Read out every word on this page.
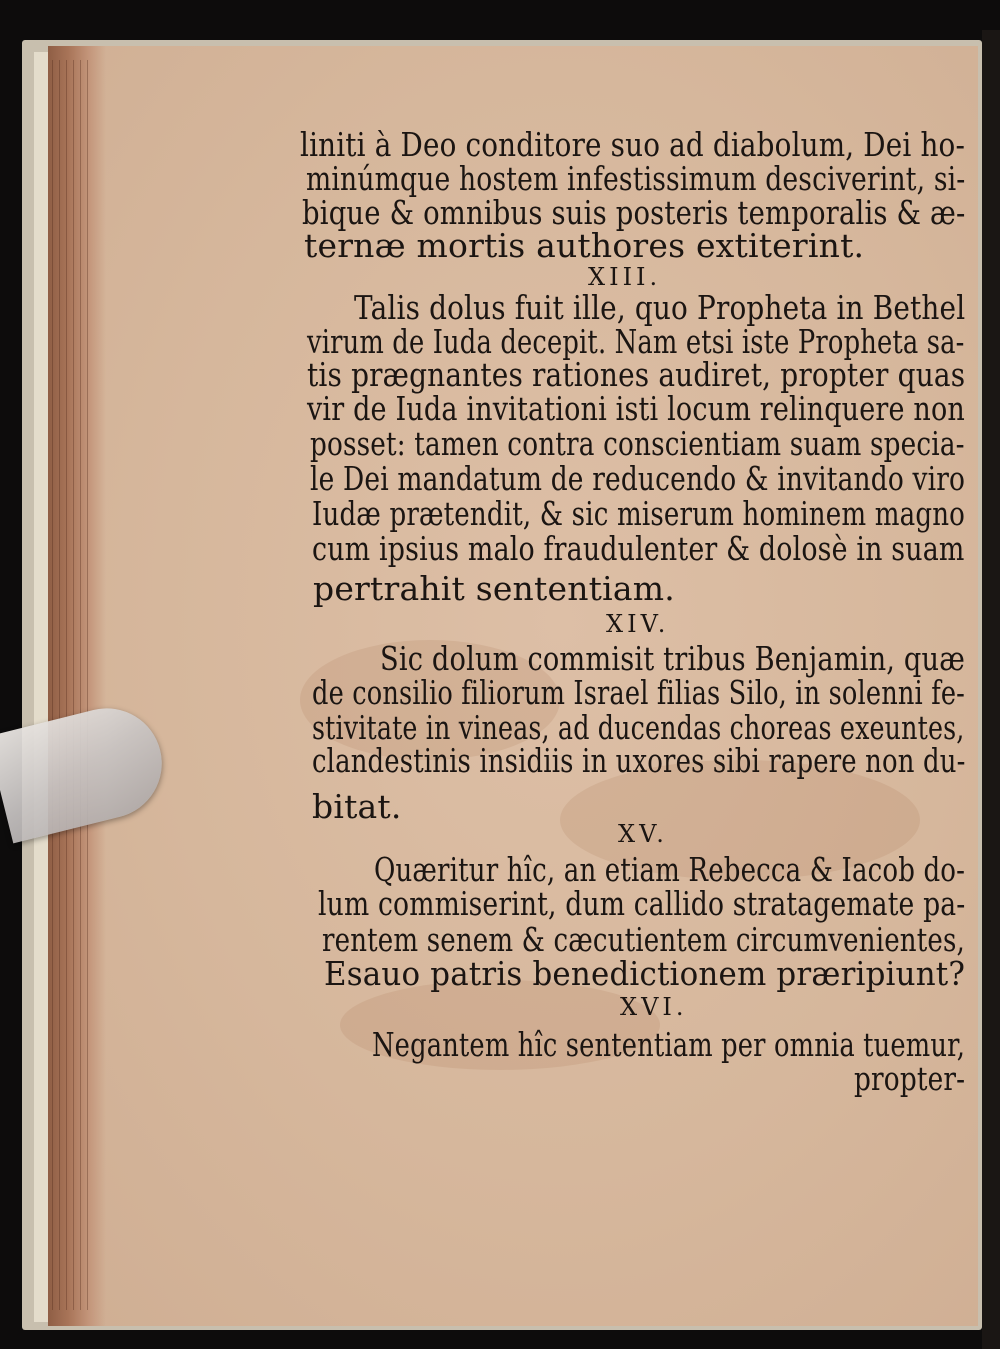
liniti à Deo conditore suo ad diabolum, Dei ho-
minúmque hostem infestissimum desciverint, si-
bique & omnibus suis posteris temporalis & æ-
ternæ mortis authores extiterint.
XIII.
Talis dolus fuit ille, quo Propheta in Bethel
virum de Iuda decepit. Nam etsi iste Propheta sa-
tis prægnantes rationes audiret, propter quas
vir de Iuda invitationi isti locum relinquere non
posset: tamen contra conscientiam suam specia-
le Dei mandatum de reducendo & invitando viro
Iudæ prætendit, & sic miserum hominem magno
cum ipsius malo fraudulenter & dolosè in suam
pertrahit sententiam.
XIV.
Sic dolum commisit tribus Benjamin, quæ
de consilio filiorum Israel filias Silo, in solenni fe-
stivitate in vineas, ad ducendas choreas exeuntes,
clandestinis insidiis in uxores sibi rapere non du-
bitat.
XV.
Quæritur hîc, an etiam Rebecca & Iacob do-
lum commiserint, dum callido stratagemate pa-
rentem senem & cæcutientem circumvenientes,
Esauo patris benedictionem præripiunt?
XVI.
Negantem hîc sententiam per omnia tuemur,
propter-
